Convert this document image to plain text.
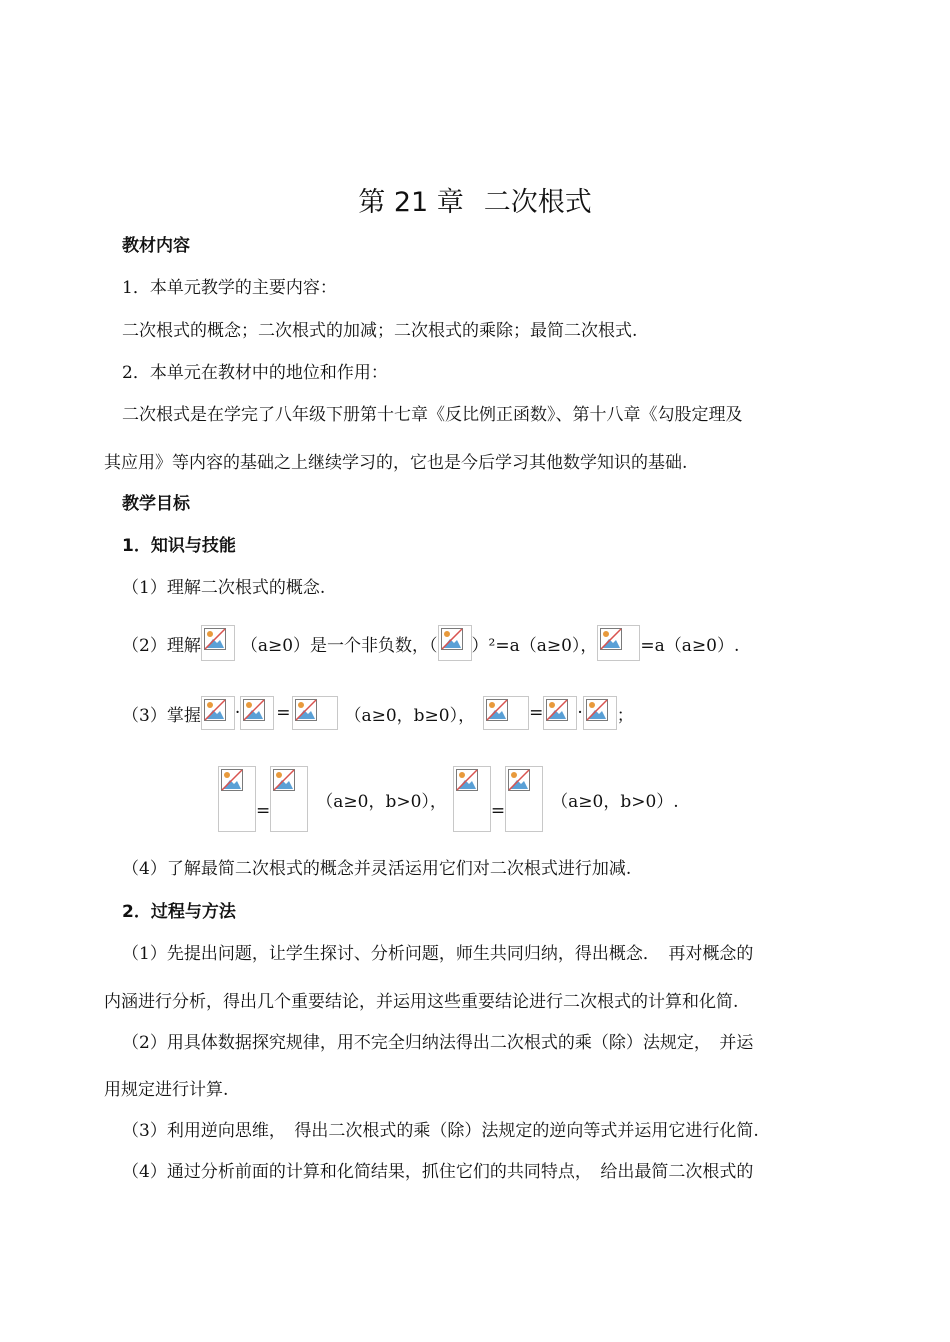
第 21 章 二次根式
教材内容
1．本单元教学的主要内容：
二次根式的概念；二次根式的加减；二次根式的乘除；最简二次根式.
2．本单元在教材中的地位和作用：
二次根式是在学完了八年级下册第十七章《反比例正函数》、第十八章《勾股定理及
其应用》等内容的基础之上继续学习的，它也是今后学习其他数学知识的基础.
教学目标
1．知识与技能
（1）理解二次根式的概念.
（2）理解 （a≥0）是一个非负数，（ ）²=a（a≥0），	=a（a≥0）.
（3）掌握 · =	（a≥0，b≥0），	= · ；
=	（a≥0，b>0），	=	（a≥0，b>0）.
（4）了解最简二次根式的概念并灵活运用它们对二次根式进行加减.
2．过程与方法
（1）先提出问题，让学生探讨、分析问题，师生共同归纳，得出概念．　再对概念的
内涵进行分析，得出几个重要结论，并运用这些重要结论进行二次根式的计算和化简.
（2）用具体数据探究规律，用不完全归纳法得出二次根式的乘（除）法规定，　并运
用规定进行计算.
（3）利用逆向思维，　得出二次根式的乘（除）法规定的逆向等式并运用它进行化简.
（4）通过分析前面的计算和化简结果，抓住它们的共同特点，　给出最简二次根式的
